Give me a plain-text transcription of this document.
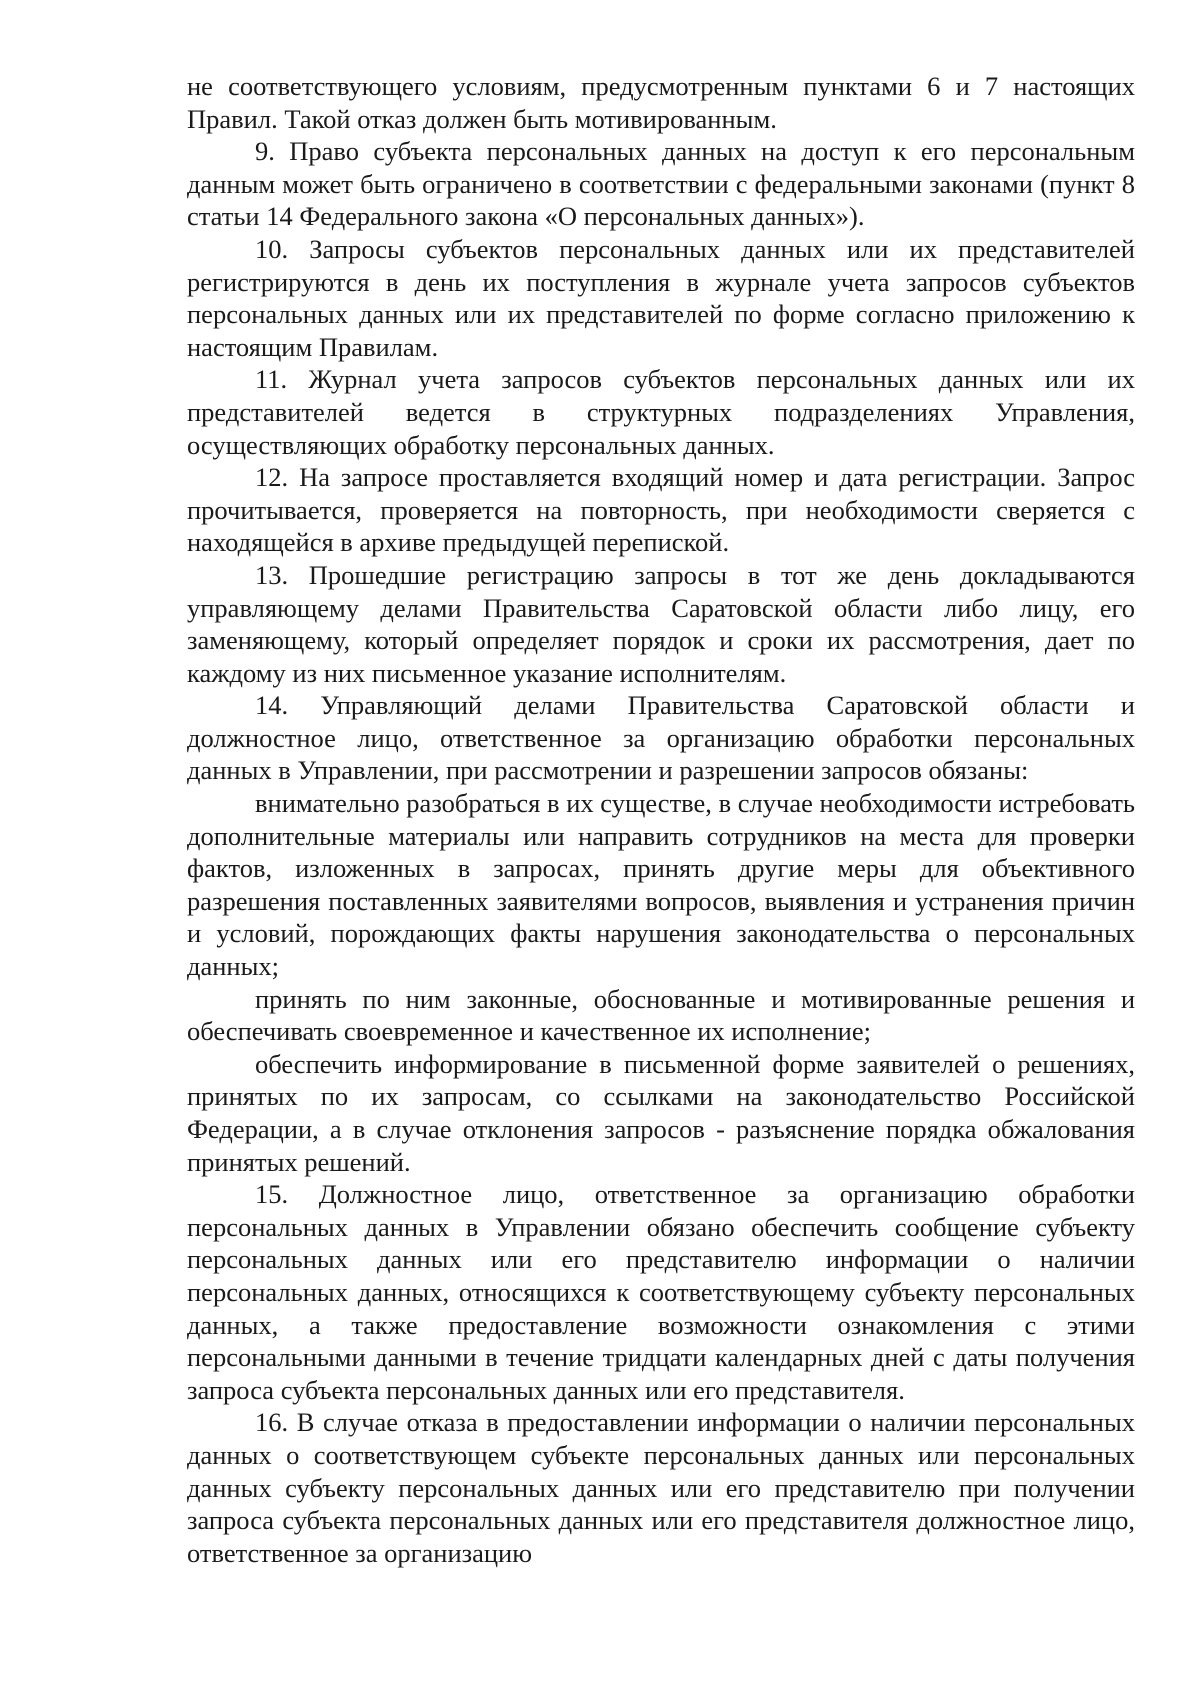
не соответствующего условиям, предусмотренным пунктами 6 и 7 настоящих Правил. Такой отказ должен быть мотивированным.

9. Право субъекта персональных данных на доступ к его персональным данным может быть ограничено в соответствии с федеральными законами (пункт 8 статьи 14 Федерального закона «О персональных данных»).

10. Запросы субъектов персональных данных или их представителей регистрируются в день их поступления в журнале учета запросов субъектов персональных данных или их представителей по форме согласно приложению к настоящим Правилам.

11. Журнал учета запросов субъектов персональных данных или их представителей ведется в структурных подразделениях Управления, осуществляющих обработку персональных данных.

12. На запросе проставляется входящий номер и дата регистрации. Запрос прочитывается, проверяется на повторность, при необходимости сверяется с находящейся в архиве предыдущей перепиской.

13. Прошедшие регистрацию запросы в тот же день докладываются управляющему делами Правительства Саратовской области либо лицу, его заменяющему, который определяет порядок и сроки их рассмотрения, дает по каждому из них письменное указание исполнителям.

14. Управляющий делами Правительства Саратовской области и должностное лицо, ответственное за организацию обработки персональных данных в Управлении, при рассмотрении и разрешении запросов обязаны:

внимательно разобраться в их существе, в случае необходимости истребовать дополнительные материалы или направить сотрудников на места для проверки фактов, изложенных в запросах, принять другие меры для объективного разрешения поставленных заявителями вопросов, выявления и устранения причин и условий, порождающих факты нарушения законодательства о персональных данных;

принять по ним законные, обоснованные и мотивированные решения и обеспечивать своевременное и качественное их исполнение;

обеспечить информирование в письменной форме заявителей о решениях, принятых по их запросам, со ссылками на законодательство Российской Федерации, а в случае отклонения запросов - разъяснение порядка обжалования принятых решений.

15. Должностное лицо, ответственное за организацию обработки персональных данных в Управлении обязано обеспечить сообщение субъекту персональных данных или его представителю информации о наличии персональных данных, относящихся к соответствующему субъекту персональных данных, а также предоставление возможности ознакомления с этими персональными данными в течение тридцати календарных дней с даты получения запроса субъекта персональных данных или его представителя.

16. В случае отказа в предоставлении информации о наличии персональных данных о соответствующем субъекте персональных данных или персональных данных субъекту персональных данных или его представителю при получении запроса субъекта персональных данных или его представителя должностное лицо, ответственное за организацию
